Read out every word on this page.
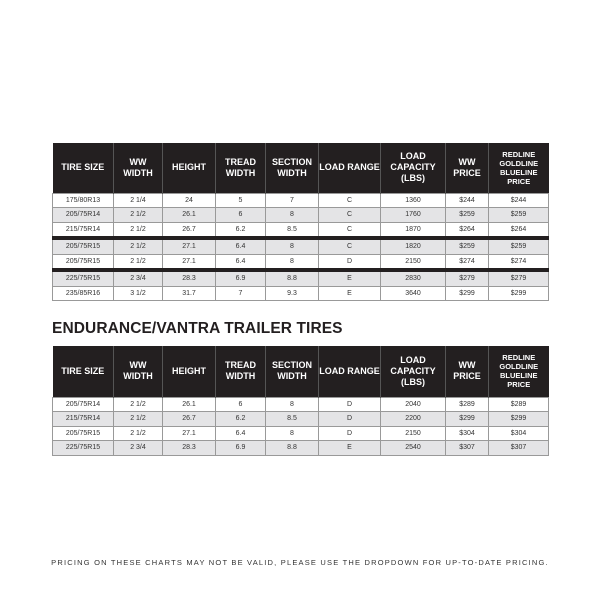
TIRE SIZE	WW WIDTH	HEIGHT	TREAD WIDTH	SECTION WIDTH	LOAD RANGE	LOAD CAPACITY (LBS)	WW PRICE	REDLINE GOLDLINE BLUELINE PRICE
175/80R13	2 1/4	24	5	7	C	1360	$244	$244
205/75R14	2 1/2	26.1	6	8	C	1760	$259	$259
215/75R14	2 1/2	26.7	6.2	8.5	C	1870	$264	$264
205/75R15	2 1/2	27.1	6.4	8	C	1820	$259	$259
205/75R15	2 1/2	27.1	6.4	8	D	2150	$274	$274
225/75R15	2 3/4	28.3	6.9	8.8	E	2830	$279	$279
235/85R16	3 1/2	31.7	7	9.3	E	3640	$299	$299
ENDURANCE/VANTRA TRAILER TIRES
TIRE SIZE	WW WIDTH	HEIGHT	TREAD WIDTH	SECTION WIDTH	LOAD RANGE	LOAD CAPACITY (LBS)	WW PRICE	REDLINE GOLDLINE BLUELINE PRICE
205/75R14	2 1/2	26.1	6	8	D	2040	$289	$289
215/75R14	2 1/2	26.7	6.2	8.5	D	2200	$299	$299
205/75R15	2 1/2	27.1	6.4	8	D	2150	$304	$304
225/75R15	2 3/4	28.3	6.9	8.8	E	2540	$307	$307
PRICING ON THESE CHARTS MAY NOT BE VALID, PLEASE USE THE DROPDOWN FOR UP-TO-DATE PRICING.
